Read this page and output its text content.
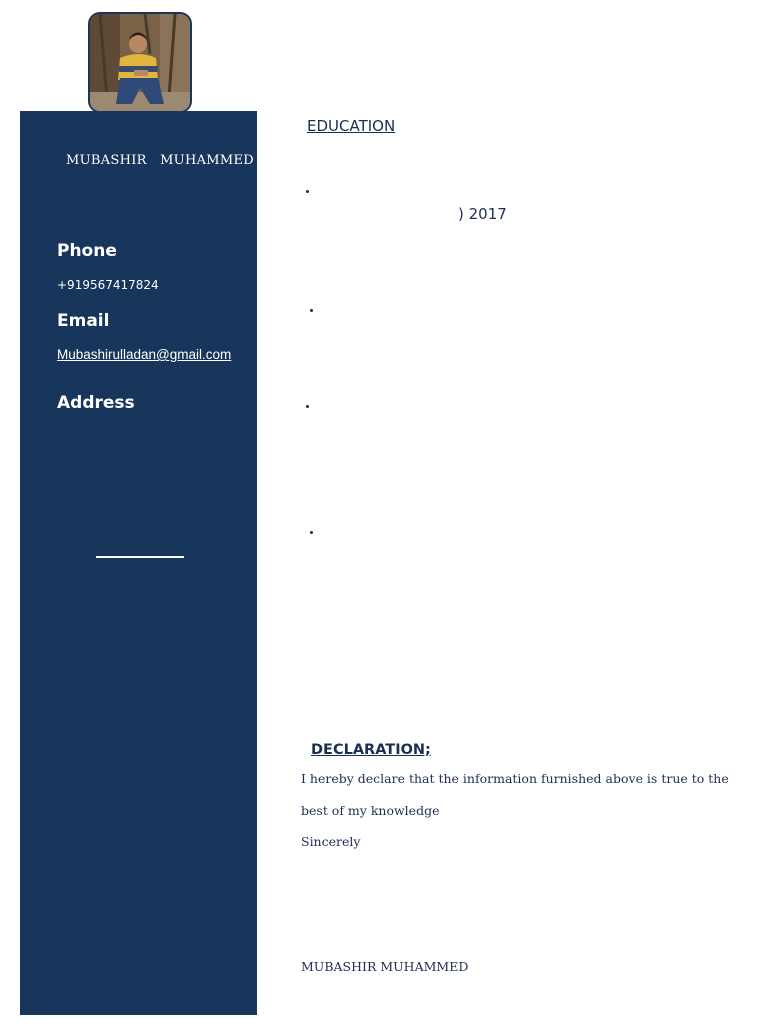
MUBASHIR   MUHAMMED
Phone
+919567417824
Email
Mubashirulladan@gmail.com
Address
EDUCATION
) 2017
DECLARATION;
I hereby declare that the information furnished above is true to the
best of my knowledge
Sincerely
MUBASHIR MUHAMMED
